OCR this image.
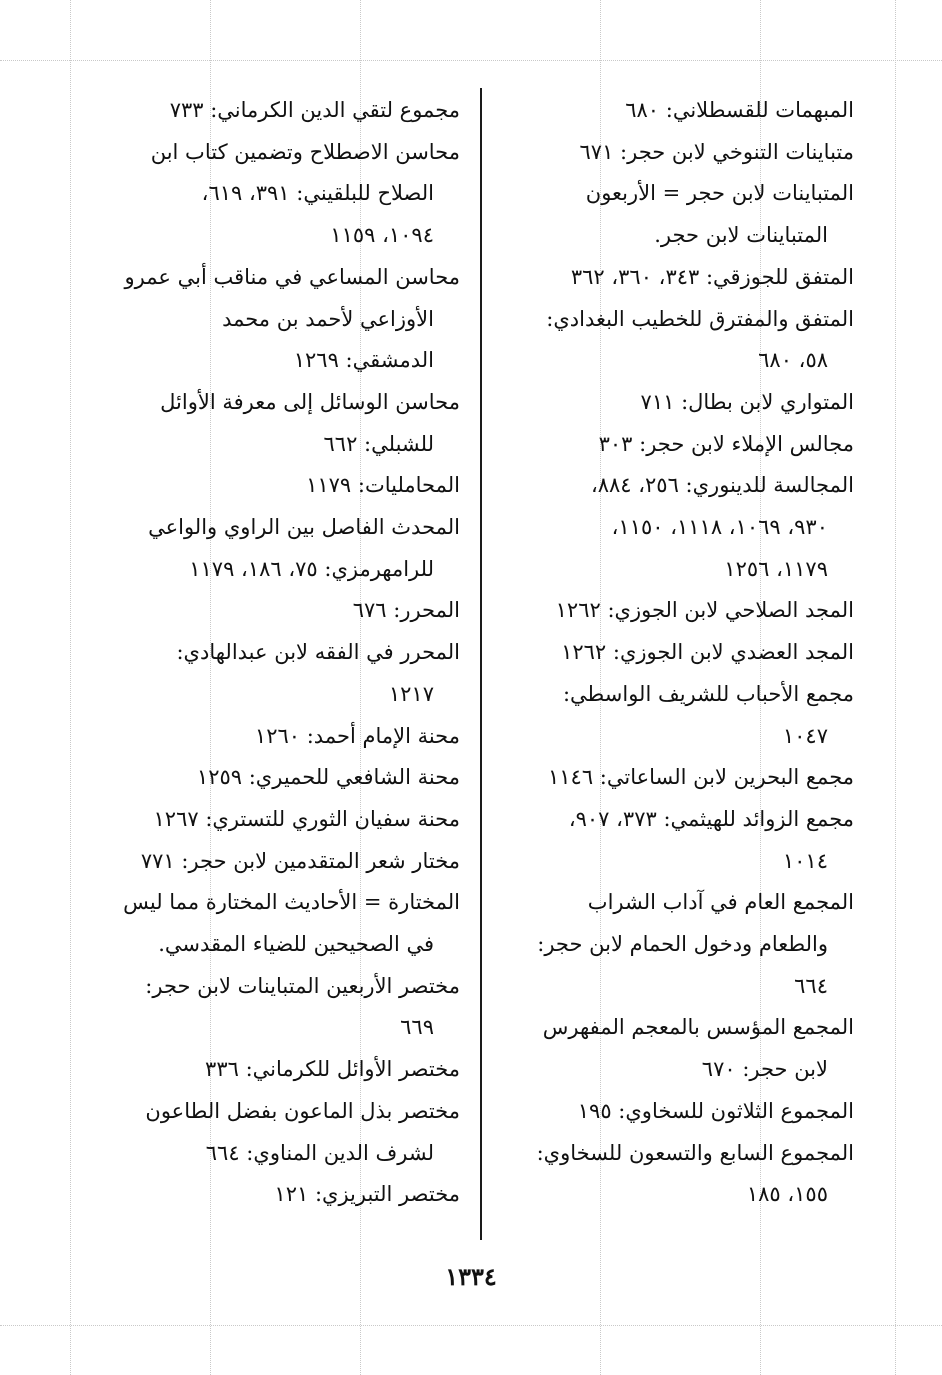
المبهمات للقسطلاني: ٦٨٠
متباينات التنوخي لابن حجر: ٦٧١
المتباينات لابن حجر = الأربعون
المتباينات لابن حجر.
المتفق للجوزقي: ٣٤٣، ٣٦٠، ٣٦٢
المتفق والمفترق للخطيب البغدادي:
٥٨، ٦٨٠
المتواري لابن بطال: ٧١١
مجالس الإملاء لابن حجر: ٣٠٣
المجالسة للدينوري: ٢٥٦، ٨٨٤،
٩٣٠، ١٠٦٩، ١١١٨، ١١٥٠،
١١٧٩، ١٢٥٦
المجد الصلاحي لابن الجوزي: ١٢٦٢
المجد العضدي لابن الجوزي: ١٢٦٢
مجمع الأحباب للشريف الواسطي:
١٠٤٧
مجمع البحرين لابن الساعاتي: ١١٤٦
مجمع الزوائد للهيثمي: ٣٧٣، ٩٠٧،
١٠١٤
المجمع العام في آداب الشراب
والطعام ودخول الحمام لابن حجر:
٦٦٤
المجمع المؤسس بالمعجم المفهرس
لابن حجر: ٦٧٠
المجموع الثلاثون للسخاوي: ١٩٥
المجموع السابع والتسعون للسخاوي:
١٥٥، ١٨٥
مجموع لتقي الدين الكرماني: ٧٣٣
محاسن الاصطلاح وتضمين كتاب ابن
الصلاح للبلقيني: ٣٩١، ٦١٩،
١٠٩٤، ١١٥٩
محاسن المساعي في مناقب أبي عمرو
الأوزاعي لأحمد بن محمد
الدمشقي: ١٢٦٩
محاسن الوسائل إلى معرفة الأوائل
للشبلي: ٦٦٢
المحامليات: ١١٧٩
المحدث الفاصل بين الراوي والواعي
للرامهرمزي: ٧٥، ١٨٦، ١١٧٩
المحرر: ٦٧٦
المحرر في الفقه لابن عبدالهادي:
١٢١٧
محنة الإمام أحمد: ١٢٦٠
محنة الشافعي للحميري: ١٢٥٩
محنة سفيان الثوري للتستري: ١٢٦٧
مختار شعر المتقدمين لابن حجر: ٧٧١
المختارة = الأحاديث المختارة مما ليس
في الصحيحين للضياء المقدسي.
مختصر الأربعين المتباينات لابن حجر:
٦٦٩
مختصر الأوائل للكرماني: ٣٣٦
مختصر بذل الماعون بفضل الطاعون
لشرف الدين المناوي: ٦٦٤
مختصر التبريزي: ١٢١
١٣٣٤
